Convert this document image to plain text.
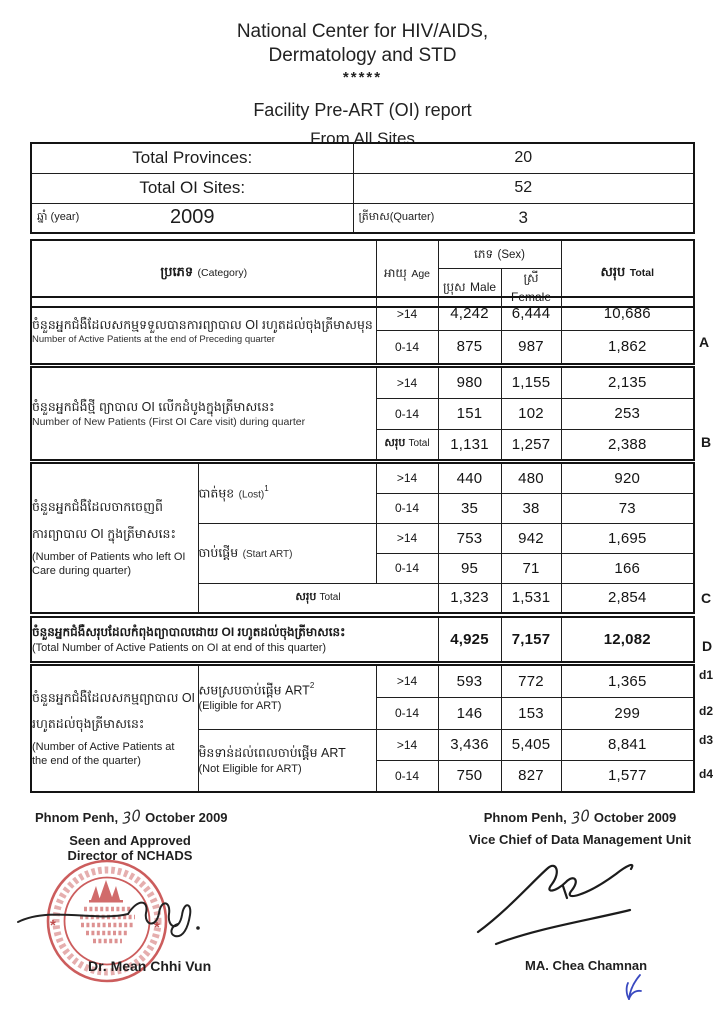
National Center for HIV/AIDS,
Dermatology and STD
*****
Facility Pre-ART (OI) report
From All Sites
Total Provinces:	20
Total OI Sites:	52

ឆ្នាំ (year) 2009	ត្រីមាស(Quarter) 3
ប្រភេទ (Category)	អាយុ Age	ភេទ (Sex)		សរុប Total
		ប្រុស Male	ស្រី Female	
ចំនួនអ្នកជំងឺដែលសកម្មទទួលបានការព្យាបាល OI រហូតដល់ចុងត្រីមាសមុន
Number of Active Patients at the end of Preceding quarter	>14	4,242	6,444	10,686
	0-14	875	987	1,862
ចំនួនអ្នកជំងឺថ្មី ព្យាបាល OI លើកដំបូងក្នុងត្រីមាសនេះ
Number of New Patients (First OI Care visit) during quarter	>14	980	1,155	2,135
	0-14	151	102	253
	សរុប Total	1,131	1,257	2,388
ចំនួនអ្នកជំងឺដែលចាកចេញពី
ការព្យាបាល OI ក្នុងត្រីមាសនេះ
(Number of Patients who left OI
Care during quarter)	បាត់មុខ (Lost)$^1$	>14	440	480	920
		0-14	35	38	73
	ចាប់ផ្តើម (Start ART)	>14	753	942	1,695
		0-14	95	71	166
	សរុប Total		1,323	1,531	2,854
ចំនួនអ្នកជំងឺសរុបដែលកំពុងព្យាបាលដោយ OI រហូតដល់ចុងត្រីមាសនេះ
(Total Number of Active Patients on OI at end of this quarter)
	4,925	7,157	12,082
ចំនួនអ្នកជំងឺដែលសកម្មព្យាបាល OI
រហូតដល់ចុងត្រីមាសនេះ
(Number of Active Patients at
the end of the quarter)

សមស្របចាប់ផ្តើម ART$^2$
(Eligible for ART)
	>14	593	772	1,365
		0-14	146	153	299

	មិនទាន់ដល់ពេលចាប់ផ្តើម ART
(Not Eligible for ART)	>14	3,436	5,405	8,841
		0-14	750	827	1,577
A
B
C
D
d1
d2
d3
d4
Phnom Penh, 30 October 2009
Seen and Approved
Director of NCHADS
*	*
Dr. Mean Chhi Vun
Phnom Penh, 30 October 2009
Vice Chief of Data Management Unit
MA. Chea Chamnan
